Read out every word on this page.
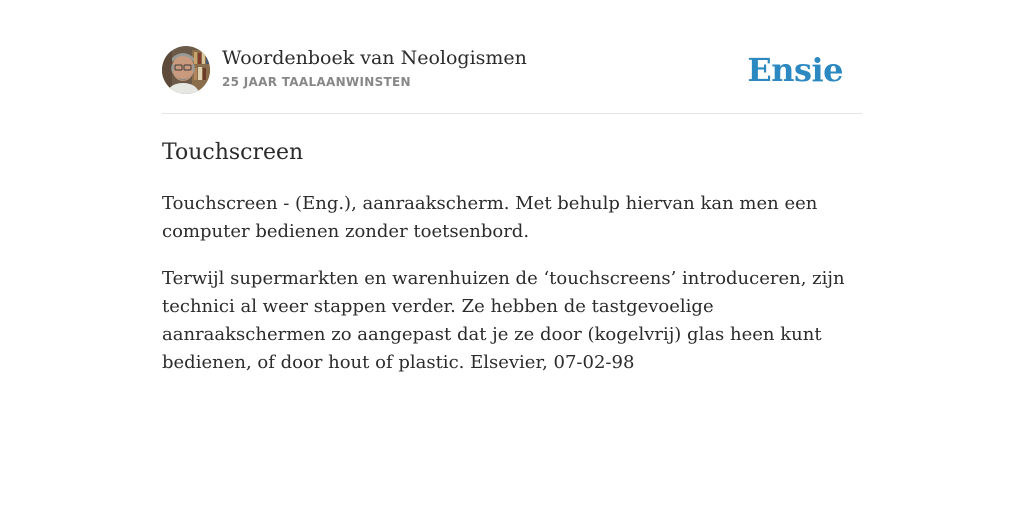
Woordenboek van Neologismen
25 JAAR TAALAANWINSTEN	Ensie
Touchscreen

Touchscreen - (Eng.), aanraakscherm. Met behulp hiervan kan men een computer bedienen zonder toetsenbord.

Terwijl supermarkten en warenhuizen de ‘touchscreens’ introduceren, zijn technici al weer stappen verder. Ze hebben de tastgevoelige aanraakschermen zo aangepast dat je ze door (kogelvrij) glas heen kunt bedienen, of door hout of plastic. Elsevier, 07-02-98
